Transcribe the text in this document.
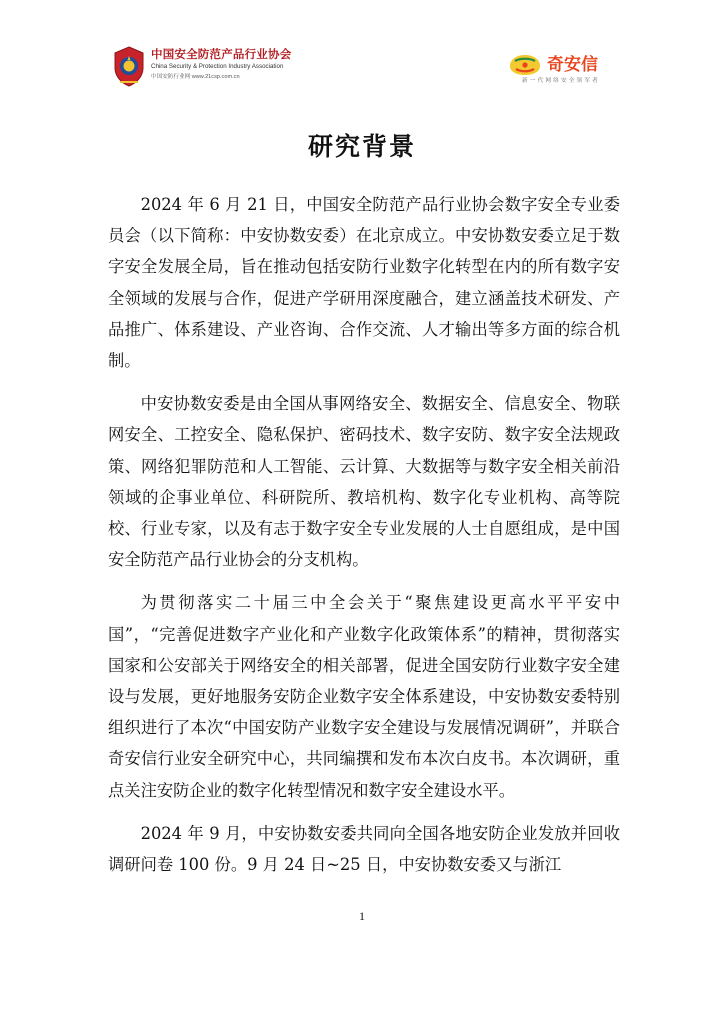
中国安全防范产品行业协会
China Security & Protection Industry Association
中国安防行业网 www.21csp.com.cn
奇安信
新一代网络安全领军者
研究背景

2024 年 6 月 21 日，中国安全防范产品行业协会数字安全专业委员会（以下简称：中安协数安委）在北京成立。中安协数安委立足于数字安全发展全局，旨在推动包括安防行业数字化转型在内的所有数字安全领域的发展与合作，促进产学研用深度融合，建立涵盖技术研发、产品推广、体系建设、产业咨询、合作交流、人才输出等多方面的综合机制。

中安协数安委是由全国从事网络安全、数据安全、信息安全、物联网安全、工控安全、隐私保护、密码技术、数字安防、数字安全法规政策、网络犯罪防范和人工智能、云计算、大数据等与数字安全相关前沿领域的企事业单位、科研院所、教培机构、数字化专业机构、高等院校、行业专家，以及有志于数字安全专业发展的人士自愿组成，是中国安全防范产品行业协会的分支机构。

为贯彻落实二十届三中全会关于“聚焦建设更高水平平安中国”，“完善促进数字产业化和产业数字化政策体系”的精神，贯彻落实国家和公安部关于网络安全的相关部署，促进全国安防行业数字安全建设与发展，更好地服务安防企业数字安全体系建设，中安协数安委特别组织进行了本次“中国安防产业数字安全建设与发展情况调研”，并联合奇安信行业安全研究中心，共同编撰和发布本次白皮书。本次调研，重点关注安防企业的数字化转型情况和数字安全建设水平。

2024 年 9 月，中安协数安委共同向全国各地安防企业发放并回收调研问卷 100 份。9 月 24 日~25 日，中安协数安委又与浙江

1
